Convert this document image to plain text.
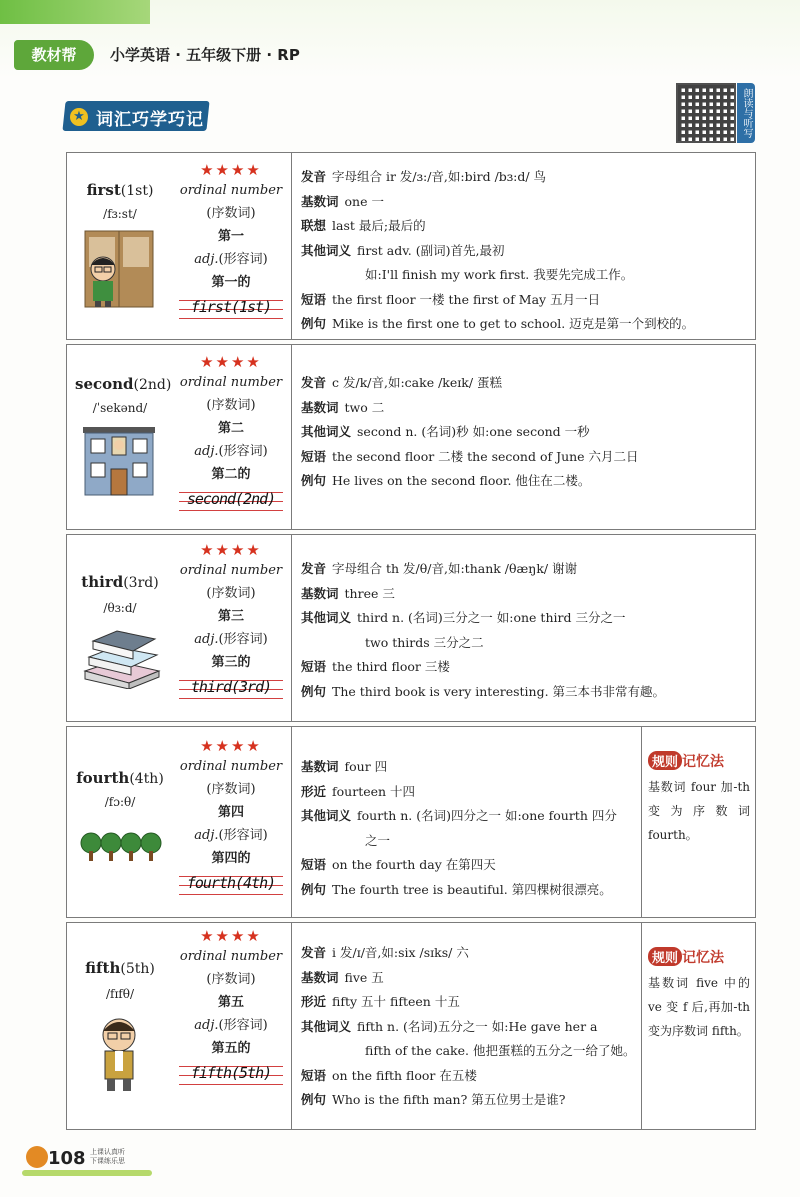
教材帮	小学英语 · 五年级下册 · RP
★ 词汇巧学巧记	朗读与听写
first(1st)
/fɜ:st/
★★★★
ordinal number
(序数词)
第一
adj.(形容词)
第一的
first(1st)
发音 字母组合 ir 发/ɜ:/音,如:bird /bɜ:d/ 鸟
基数词 one 一
联想 last 最后;最后的
其他词义 first adv. (副词)首先,最初
如:I'll finish my work first. 我要先完成工作。
短语 the first floor 一楼 the first of May 五月一日
例句 Mike is the first one to get to school. 迈克是第一个到校的。
second(2nd)
/ˈsekənd/
★★★★
ordinal number
(序数词)
第二
adj.(形容词)
第二的
second(2nd)
发音 c 发/k/音,如:cake /keɪk/ 蛋糕
基数词 two 二
其他词义 second n. (名词)秒 如:one second 一秒
短语 the second floor 二楼 the second of June 六月二日
例句 He lives on the second floor. 他住在二楼。
third(3rd)
/θɜ:d/
★★★★
ordinal number
(序数词)
第三
adj.(形容词)
第三的
third(3rd)
发音 字母组合 th 发/θ/音,如:thank /θæŋk/ 谢谢
基数词 three 三
其他词义 third n. (名词)三分之一 如:one third 三分之一
two thirds 三分之二
短语 the third floor 三楼
例句 The third book is very interesting. 第三本书非常有趣。
fourth(4th)
/fɔ:θ/
★★★★
ordinal number
(序数词)
第四
adj.(形容词)
第四的
fourth(4th)
基数词 four 四
形近 fourteen 十四
其他词义 fourth n. (名词)四分之一 如:one fourth 四分
之一
短语 on the fourth day 在第四天
例句 The fourth tree is beautiful. 第四棵树很漂亮。
规则 记忆法
基数词 four 加-th 变为序数词 fourth。
fifth(5th)
/fɪfθ/
★★★★
ordinal number
(序数词)
第五
adj.(形容词)
第五的
fifth(5th)
发音 i 发/ɪ/音,如:six /sɪks/ 六
基数词 five 五
形近 fifty 五十 fifteen 十五
其他词义 fifth n. (名词)五分之一 如:He gave her a
fifth of the cake. 他把蛋糕的五分之一给了她。
短语 on the fifth floor 在五楼
例句 Who is the fifth man? 第五位男士是谁?
规则 记忆法
基数词 five 中的 ve 变 f 后,再加-th变为序数词 fifth。
108 上课认真听
下课练乐思
